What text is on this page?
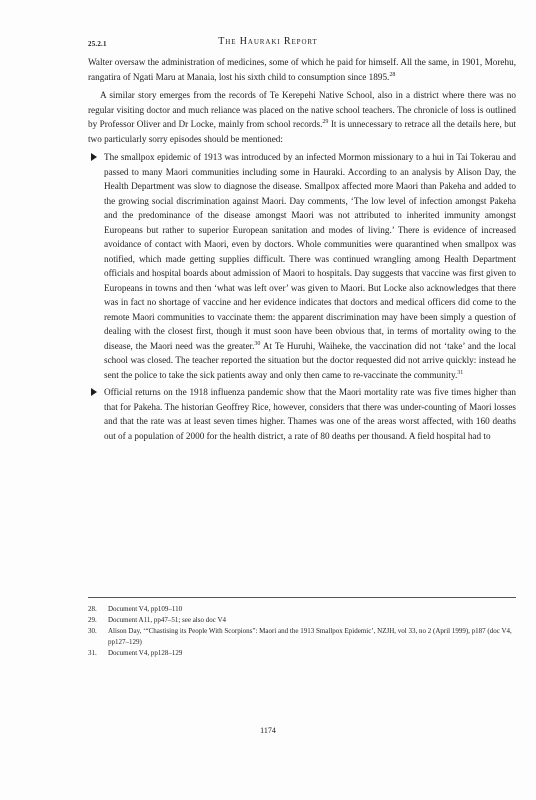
25.2.1	The Hauraki Report

Walter oversaw the administration of medicines, some of which he paid for himself. All the same, in 1901, Morehu, rangatira of Ngati Maru at Manaia, lost his sixth child to consumption since 1895.28

A similar story emerges from the records of Te Kerepehi Native School, also in a district where there was no regular visiting doctor and much reliance was placed on the native school teachers. The chronicle of loss is outlined by Professor Oliver and Dr Locke, mainly from school records.$^{29}$ It is unnecessary to retrace all the details here, but two particularly sorry episodes should be mentioned:

The smallpox epidemic of 1913 was introduced by an infected Mormon missionary to a hui in Tai Tokerau and passed to many Maori communities including some in Hauraki. According to an analysis by Alison Day, the Health Department was slow to diagnose the disease. Smallpox affected more Maori than Pakeha and added to the growing social discrimination against Maori. Day comments, ‘The low level of infection amongst Pakeha and the predominance of the disease amongst Maori was not attributed to inherited immunity amongst Europeans but rather to superior European sanitation and modes of living.’ There is evidence of increased avoidance of contact with Maori, even by doctors. Whole communities were quarantined when smallpox was notified, which made getting supplies difficult. There was continued wrangling among Health Department officials and hospital boards about admission of Maori to hospitals. Day suggests that vaccine was first given to Europeans in towns and then ‘what was left over’ was given to Maori. But Locke also acknowledges that there was in fact no shortage of vaccine and her evidence indicates that doctors and medical officers did come to the remote Maori communities to vaccinate them: the apparent discrimination may have been simply a question of dealing with the closest first, though it must soon have been obvious that, in terms of mortality owing to the disease, the Maori need was the greater.$^{30}$ At Te Huruhi, Waiheke, the vaccination did not ‘take’ and the local school was closed. The teacher reported the situation but the doctor requested did not arrive quickly: instead he sent the police to take the sick patients away and only then came to re-vaccinate the community.$^{31}$
Official returns on the 1918 influenza pandemic show that the Maori mortality rate was five times higher than that for Pakeha. The historian Geoffrey Rice, however, considers that there was under-counting of Maori losses and that the rate was at least seven times higher. Thames was one of the areas worst affected, with 160 deaths out of a population of 2000 for the health district, a rate of 80 deaths per thousand. A field hospital had to

28. Document V4, pp109–110

29. Document A11, pp47–51; see also doc V4

30. Alison Day, ‘“Chastising its People With Scorpions”: Maori and the 1913 Smallpox Epidemic’, NZJH, vol 33, no 2 (April 1999), p187 (doc V4, pp127–129)

31. Document V4, pp128–129

1174
